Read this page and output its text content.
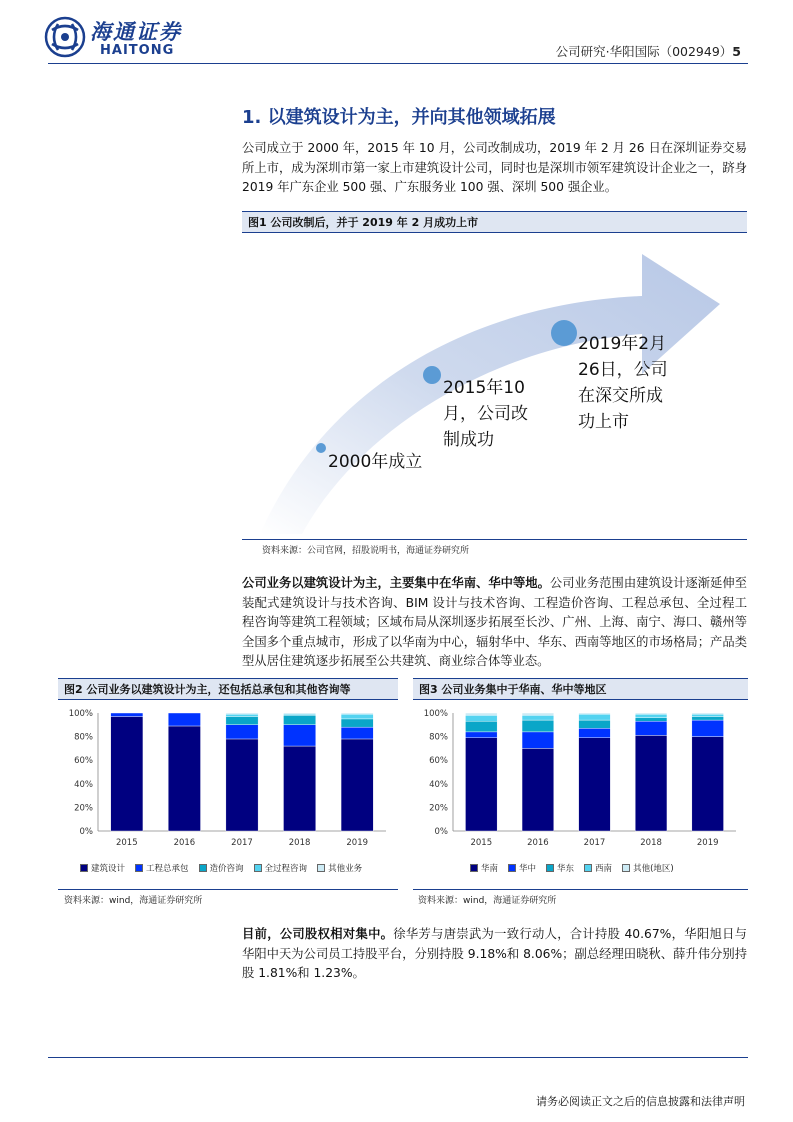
海通证券
HAITONG	公司研究·华阳国际（002949）5
1. 以建筑设计为主，并向其他领域拓展
公司成立于 2000 年，2015 年 10 月，公司改制成功，2019 年 2 月 26 日在深圳证券交易所上市，成为深圳市第一家上市建筑设计公司，同时也是深圳市领军建筑设计企业之一，跻身 2019 年广东企业 500 强、广东服务业 100 强、深圳 500 强企业。
图1 公司改制后，并于 2019 年 2 月成功上市
2000年成立
2015年10月，公司改制成功
2019年2月26日，公司在深交所成功上市
资料来源：公司官网，招股说明书，海通证券研究所
公司业务以建筑设计为主，主要集中在华南、华中等地。公司业务范围由建筑设计逐渐延伸至装配式建筑设计与技术咨询、BIM 设计与技术咨询、工程造价咨询、工程总承包、全过程工程咨询等建筑工程领域；区域布局从深圳逐步拓展至长沙、广州、上海、南宁、海口、赣州等全国多个重点城市，形成了以华南为中心，辐射华中、华东、西南等地区的市场格局；产品类型从居住建筑逐步拓展至公共建筑、商业综合体等业态。
图2 公司业务以建筑设计为主，还包括总承包和其他咨询等
0%
20%
40%
60%
80%
100%
2015	2016	2017	2018	2019
建筑设计 工程总承包 造价咨询 全过程咨询 其他业务
资料来源：wind，海通证券研究所
图3 公司业务集中于华南、华中等地区
0%
20%
40%
60%
80%
100%
2015	2016	2017	2018	2019
华南 华中 华东 西南 其他(地区)
资料来源：wind，海通证券研究所
目前，公司股权相对集中。徐华芳与唐崇武为一致行动人，合计持股 40.67%，华阳旭日与华阳中天为公司员工持股平台，分别持股 9.18%和 8.06%；副总经理田晓秋、薛升伟分别持股 1.81%和 1.23%。
请务必阅读正文之后的信息披露和法律声明
